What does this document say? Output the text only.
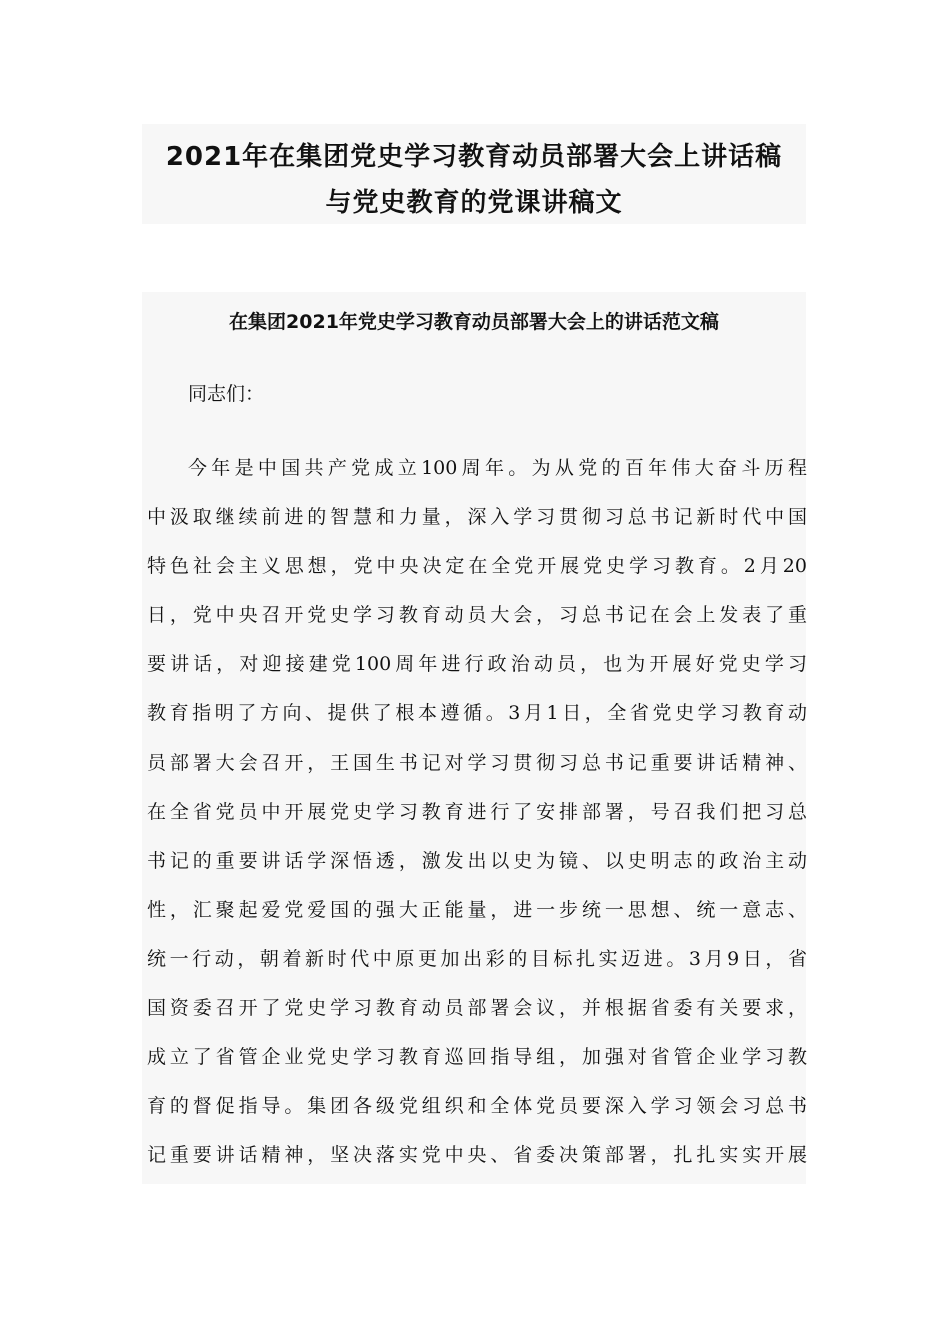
2021年在集团党史学习教育动员部署大会上讲话稿
与党史教育的党课讲稿文
在集团2021年党史学习教育动员部署大会上的讲话范文稿
同志们：
今年是中国共产党成立100周年。为从党的百年伟大奋斗历程
中汲取继续前进的智慧和力量，深入学习贯彻习总书记新时代中国
特色社会主义思想，党中央决定在全党开展党史学习教育。2月20
日，党中央召开党史学习教育动员大会，习总书记在会上发表了重
要讲话，对迎接建党100周年进行政治动员，也为开展好党史学习
教育指明了方向、提供了根本遵循。3月1日，全省党史学习教育动
员部署大会召开，王国生书记对学习贯彻习总书记重要讲话精神、
在全省党员中开展党史学习教育进行了安排部署，号召我们把习总
书记的重要讲话学深悟透，激发出以史为镜、以史明志的政治主动
性，汇聚起爱党爱国的强大正能量，进一步统一思想、统一意志、
统一行动，朝着新时代中原更加出彩的目标扎实迈进。3月9日，省
国资委召开了党史学习教育动员部署会议，并根据省委有关要求，
成立了省管企业党史学习教育巡回指导组，加强对省管企业学习教
育的督促指导。集团各级党组织和全体党员要深入学习领会习总书
记重要讲话精神，坚决落实党中央、省委决策部署，扎扎实实开展
